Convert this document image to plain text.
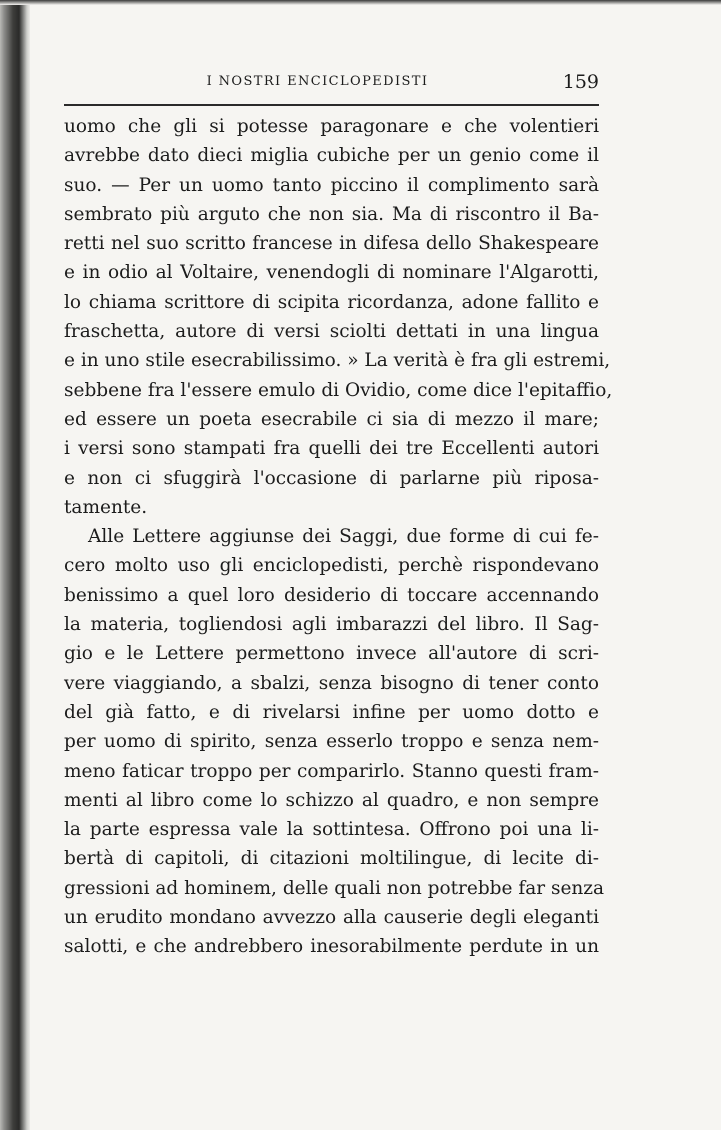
I NOSTRI ENCICLOPEDISTI	159
uomo che gli si potesse paragonare e che volentieri
avrebbe dato dieci miglia cubiche per un genio come il
suo. — Per un uomo tanto piccino il complimento sarà
sembrato più arguto che non sia. Ma di riscontro il Ba-
retti nel suo scritto francese in difesa dello Shakespeare
e in odio al Voltaire, venendogli di nominare l'Algarotti,
lo chiama scrittore di scipita ricordanza, adone fallito e
fraschetta, autore di versi sciolti dettati in una lingua
e in uno stile esecrabilissimo. » La verità è fra gli estremi,
sebbene fra l'essere emulo di Ovidio, come dice l'epitaffio,
ed essere un poeta esecrabile ci sia di mezzo il mare;
i versi sono stampati fra quelli dei tre Eccellenti autori
e non ci sfuggirà l'occasione di parlarne più riposa-
tamente.
Alle Lettere aggiunse dei Saggi, due forme di cui fe-
cero molto uso gli enciclopedisti, perchè rispondevano
benissimo a quel loro desiderio di toccare accennando
la materia, togliendosi agli imbarazzi del libro. Il Sag-
gio e le Lettere permettono invece all'autore di scri-
vere viaggiando, a sbalzi, senza bisogno di tener conto
del già fatto, e di rivelarsi infine per uomo dotto e
per uomo di spirito, senza esserlo troppo e senza nem-
meno faticar troppo per comparirlo. Stanno questi fram-
menti al libro come lo schizzo al quadro, e non sempre
la parte espressa vale la sottintesa. Offrono poi una li-
bertà di capitoli, di citazioni moltilingue, di lecite di-
gressioni ad hominem, delle quali non potrebbe far senza
un erudito mondano avvezzo alla causerie degli eleganti
salotti, e che andrebbero inesorabilmente perdute in un
